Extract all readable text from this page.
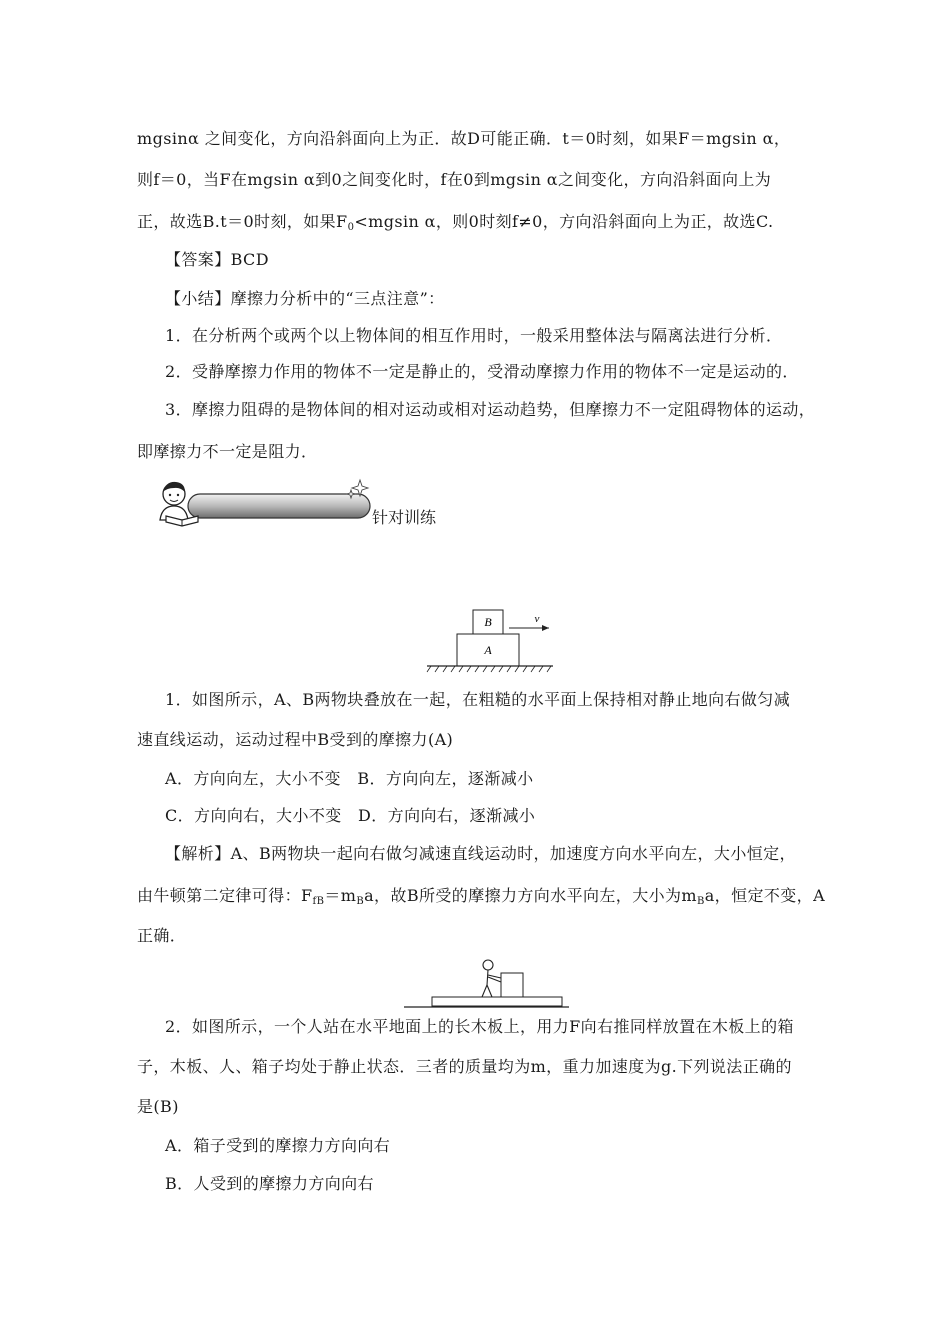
mgsinα 之间变化，方向沿斜面向上为正．故D可能正确．t＝0时刻，如果F＝mgsin α，
则f＝0，当F在mgsin α到0之间变化时，f在0到mgsin α之间变化，方向沿斜面向上为
正，故选B.t＝0时刻，如果$F_0<mgsin$ α，则0时刻f≠0，方向沿斜面向上为正，故选C.
【答案】BCD
【小结】摩擦力分析中的“三点注意”：
1．在分析两个或两个以上物体间的相互作用时，一般采用整体法与隔离法进行分析．
2．受静摩擦力作用的物体不一定是静止的，受滑动摩擦力作用的物体不一定是运动的．
3．摩擦力阻碍的是物体间的相对运动或相对运动趋势，但摩擦力不一定阻碍物体的运动，
即摩擦力不一定是阻力．
针对训练
B
A
v
1．如图所示，A、B两物块叠放在一起，在粗糙的水平面上保持相对静止地向右做匀减
速直线运动，运动过程中B受到的摩擦力(A)
A．方向向左，大小不变　B．方向向左，逐渐减小
C．方向向右，大小不变　D．方向向右，逐渐减小
【解析】A、B两物块一起向右做匀减速直线运动时，加速度方向水平向左，大小恒定，
由牛顿第二定律可得：$F_{fB}=m_Ba$，故B所受的摩擦力方向水平向左，大小为$m_Ba$，恒定不变，A
正确．
2．如图所示，一个人站在水平地面上的长木板上，用力F向右推同样放置在木板上的箱
子，木板、人、箱子均处于静止状态．三者的质量均为m，重力加速度为g.下列说法正确的
是(B)
A．箱子受到的摩擦力方向向右
B．人受到的摩擦力方向向右
